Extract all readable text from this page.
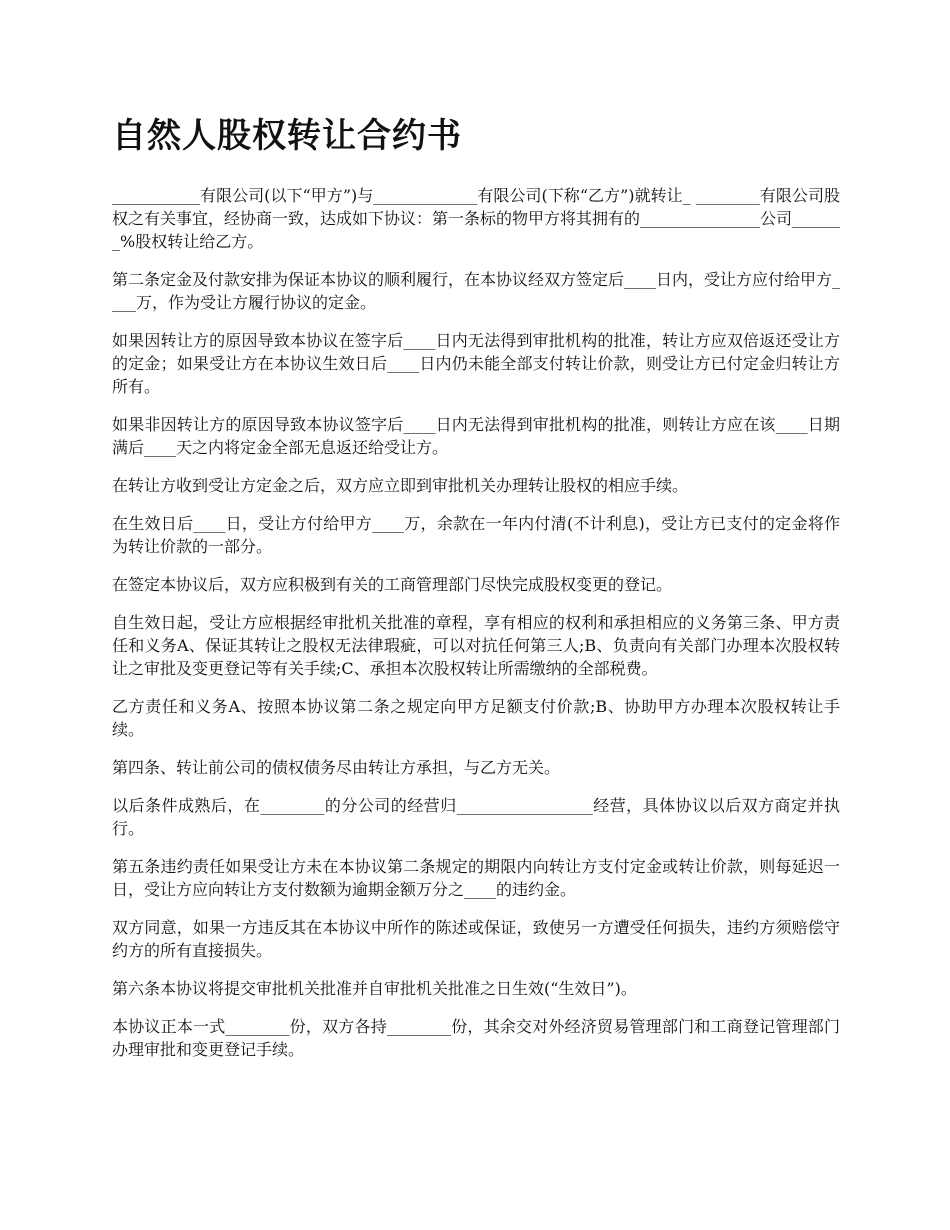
自然人股权转让合约书

___________有限公司(以下“甲方”)与_____________有限公司(下称“乙方”)就转让_ ________有限公司股权之有关事宜，经协商一致，达成如下协议：第一条标的物甲方将其拥有的_______________公司_______%股权转让给乙方。

第二条定金及付款安排为保证本协议的顺利履行，在本协议经双方签定后____日内，受让方应付给甲方____万，作为受让方履行协议的定金。

如果因转让方的原因导致本协议在签字后____日内无法得到审批机构的批准，转让方应双倍返还受让方的定金；如果受让方在本协议生效日后____日内仍未能全部支付转让价款，则受让方已付定金归转让方所有。

如果非因转让方的原因导致本协议签字后____日内无法得到审批机构的批准，则转让方应在该____日期满后____天之内将定金全部无息返还给受让方。

在转让方收到受让方定金之后，双方应立即到审批机关办理转让股权的相应手续。

在生效日后____日，受让方付给甲方____万，余款在一年内付清(不计利息)，受让方已支付的定金将作为转让价款的一部分。

在签定本协议后，双方应积极到有关的工商管理部门尽快完成股权变更的登记。

自生效日起，受让方应根据经审批机关批准的章程，享有相应的权利和承担相应的义务第三条、甲方责任和义务A、保证其转让之股权无法律瑕疵，可以对抗任何第三人;B、负责向有关部门办理本次股权转让之审批及变更登记等有关手续;C、承担本次股权转让所需缴纳的全部税费。

乙方责任和义务A、按照本协议第二条之规定向甲方足额支付价款;B、协助甲方办理本次股权转让手续。

第四条、转让前公司的债权债务尽由转让方承担，与乙方无关。

以后条件成熟后，在________的分公司的经营归_________________经营，具体协议以后双方商定并执行。

第五条违约责任如果受让方未在本协议第二条规定的期限内向转让方支付定金或转让价款，则每延迟一日，受让方应向转让方支付数额为逾期金额万分之____的违约金。

双方同意，如果一方违反其在本协议中所作的陈述或保证，致使另一方遭受任何损失，违约方须赔偿守约方的所有直接损失。

第六条本协议将提交审批机关批准并自审批机关批准之日生效(“生效日”)。

本协议正本一式________份，双方各持________份，其余交对外经济贸易管理部门和工商登记管理部门办理审批和变更登记手续。
